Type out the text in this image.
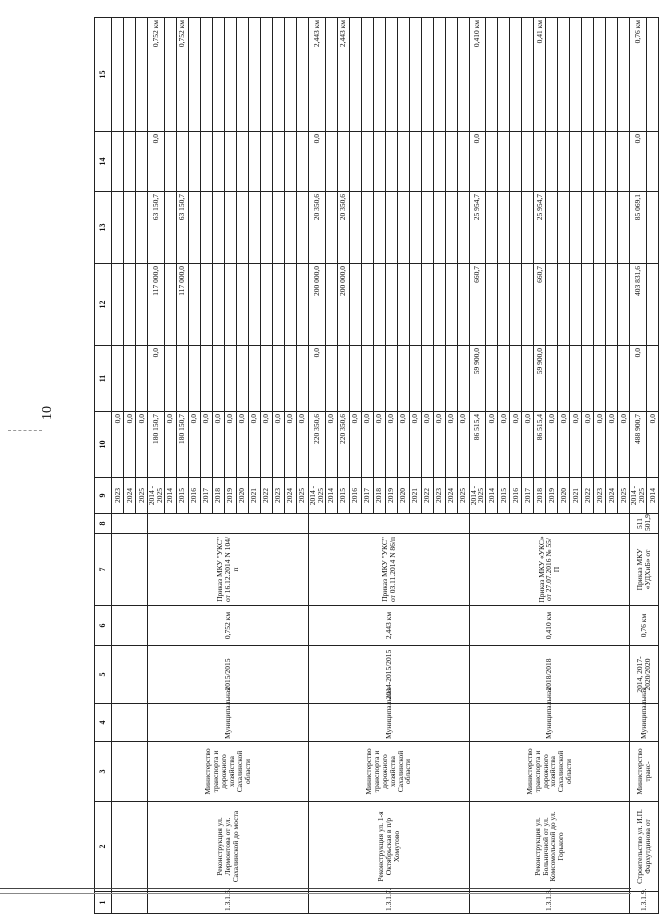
10
1	2	3	4	5	6	7	8	9	10	11	12	13	14	15
								2023	0,0					
								2024	0,0					
								2025	0,0					
1.3.1.6.	Реконструкция ул. Лермонтова от ул. Сахалинской до моста	Министерство транспорта и дорожного хозяйства Сахалинской области	Муниципальная	2015/2015	0,752 км	Приказ МКУ "УКС" от 16.12.2014 N 104/п		2014 - 2025	180 150,7	0,0	117 000,0	63 150,7	0,0	0,752 км
								2014	0,0					
								2015	180 150,7		117 000,0	63 150,7		0,752 км
								2016	0,0					
								2017	0,0					
								2018	0,0					
								2019	0,0					
								2020	0,0					
								2021	0,0					
								2022	0,0					
								2023	0,0					
								2024	0,0					
								2025	0,0					
1.3.1.7.	Реконструкция ул. 1-я Октябрьская в п/р Хомутово	Министерство транспорта и дорожного хозяйства Сахалинской области	Муниципальная	2014-2015/2015	2,443 км	Приказ МКУ "УКС" от 03.11.2014 N 86/п		2014 - 2025	220 350,6	0,0	200 000,0	20 350,6	0,0	2,443 км
								2014	0,0					
								2015	220 350,6		200 000,0	20 350,6		2,443 км
								2016	0,0					
								2017	0,0					
								2018	0,0					
								2019	0,0					
								2020	0,0					
								2021	0,0					
								2022	0,0					
								2023	0,0					
								2024	0,0					
								2025	0,0					
1.3.1.8.	Реконструкция ул. Больничной от ул. Комсомольской до ул. Горького	Министерство транспорта и дорожного хозяйства Сахалинской области	Муниципальная	2018/2018	0,410 км	Приказ МКУ «УКС» от 27.07.2016 № 55/П		2014 - 2025	86 515,4	59 900,0	660,7	25 954,7	0,0	0,410 км
								2014	0,0					
								2015	0,0					
								2016	0,0					
								2017	0,0					
								2018	86 515,4	59 900,0	660,7	25 954,7		0,41 км
								2019	0,0					
								2020	0,0					
								2021	0,0					
								2022	0,0					
								2023	0,0					
								2024	0,0					
								2025	0,0					
1.3.1.9.	Строительство ул. И.П. Фархутдинова от	Министерство транс-	Муниципальная	2014, 2017-2020/2020	0,76 км	Приказ МКУ «УДХиБ» от	511 501,9	2014 - 2025	488 900,7	0,0	403 831,6	85 069,1	0,0	0,76 км
								2014	0,0					
